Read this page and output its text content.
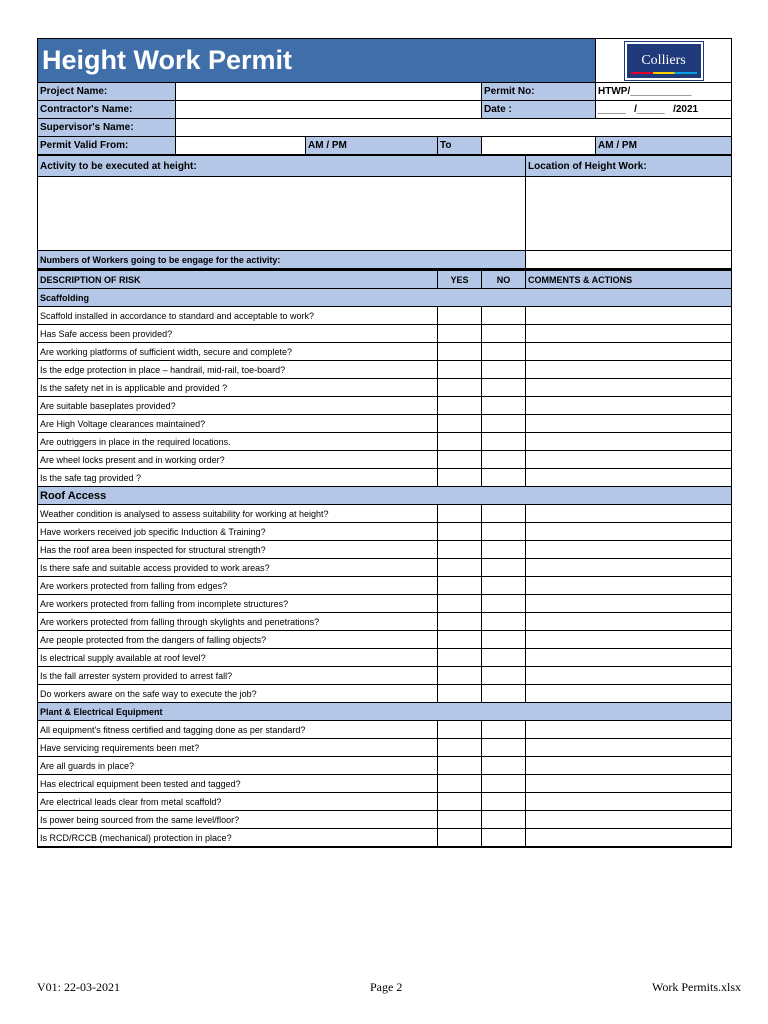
Height Work Permit					Colliers
Project Name:				Permit No:	HTWP/___________
Contractor's Name:				Date :	_____   /_____   /2021
Supervisor's Name:					
Permit Valid From:		AM / PM	To		AM / PM
Activity to be executed at height:	Location of Height Work:

Numbers of Workers going to be engage for the activity:	
DESCRIPTION OF RISK	YES	NO	COMMENTS & ACTIONS
Scaffolding			
Scaffold installed in accordance to standard and acceptable to work?			
Has Safe access been provided?			
Are working platforms of sufficient width, secure and complete?			
Is the edge protection in place – handrail, mid-rail, toe-board?			
Is the safety net in is applicable and provided ?			
Are suitable baseplates provided?			
Are High Voltage clearances maintained?			
Are outriggers in place in the required locations.			
Are wheel locks present and in working order?			
Is the safe tag provided ?			
Roof Access			
Weather condition is analysed to assess suitability for working at height?			
Have workers received job specific Induction & Training?			
Has the roof area been inspected for structural strength?			
Is there safe and suitable access provided to work areas?			
Are workers protected from falling from edges?			
Are workers protected from falling from incomplete structures?			
Are workers protected from falling through skylights and penetrations?			
Are people protected from the dangers of falling objects?			
Is electrical supply available at roof level?			
Is the fall arrester system provided to arrest fall?			
Do workers aware on the safe way to execute the job?			
Plant & Electrical Equipment			
All equipment's fitness certified and tagging done as per standard?			
Have servicing requirements been met?			
Are all guards in place?			
Has electrical equipment been tested and tagged?			
Are electrical leads clear from metal scaffold?			
Is power being sourced from the same level/floor?			
Is RCD/RCCB (mechanical) protection in place?			
V01: 22-03-2021	Page 2	Work Permits.xlsx
